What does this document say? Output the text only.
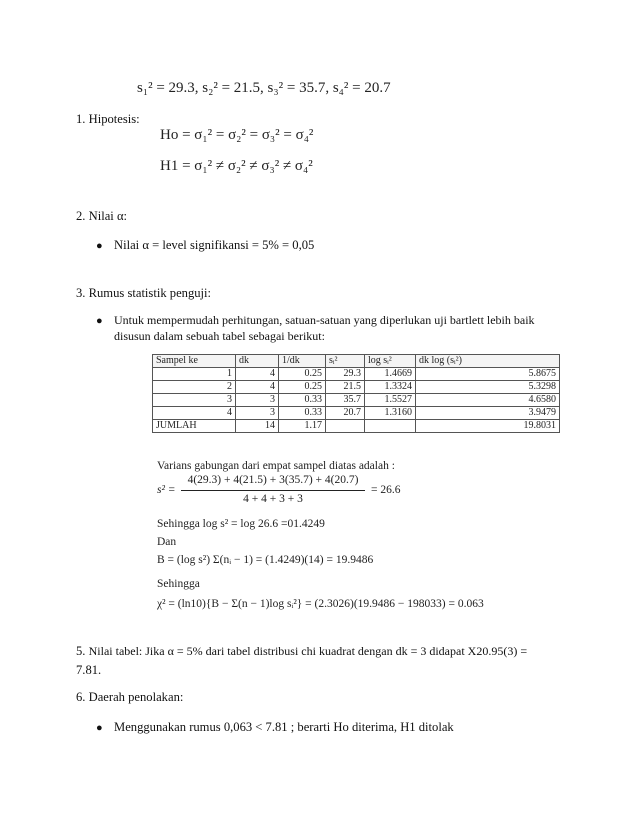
s₁² = 29.3, s₂² = 21.5, s₃² = 35.7, s₄² = 20.7
1. Hipotesis:
Ho = σ₁² = σ₂² = σ₃² = σ₄²
H1 = σ₁² ≠ σ₂² ≠ σ₃² ≠ σ₄²
2. Nilai α:
● Nilai α = level signifikansi = 5% = 0,05
3. Rumus statistik penguji:
● Untuk mempermudah perhitungan, satuan-satuan yang diperlukan uji bartlett lebih baik
disusun dalam sebuah tabel sebagai berikut:
Sampel ke	dk	1/dk	sᵢ²	log sᵢ²	dk log (sᵢ²)
1	4	0.25	29.3	1.4669	5.8675
2	4	0.25	21.5	1.3324	5.3298
3	3	0.33	35.7	1.5527	4.6580
4	3	0.33	20.7	1.3160	3.9479
JUMLAH	14	1.17			19.8031
Varians gabungan dari empat sampel diatas adalah :
s² =
4(29.3) + 4(21.5) + 3(35.7) + 4(20.7)
4 + 4 + 3 + 3
= 26.6
Sehingga log s² = log 26.6 =01.4249
Dan
B = (log s²) Σ(nᵢ − 1) = (1.4249)(14) = 19.9486
Sehingga
χ² = (ln10){B − Σ(n − 1)log sᵢ²} = (2.3026)(19.9486 − 198033) = 0.063
5. Nilai tabel: Jika α = 5% dari tabel distribusi chi kuadrat dengan dk = 3 didapat X20.95(3) =
7.81.
6. Daerah penolakan:
● Menggunakan rumus 0,063 < 7.81 ; berarti Ho diterima, H1 ditolak
